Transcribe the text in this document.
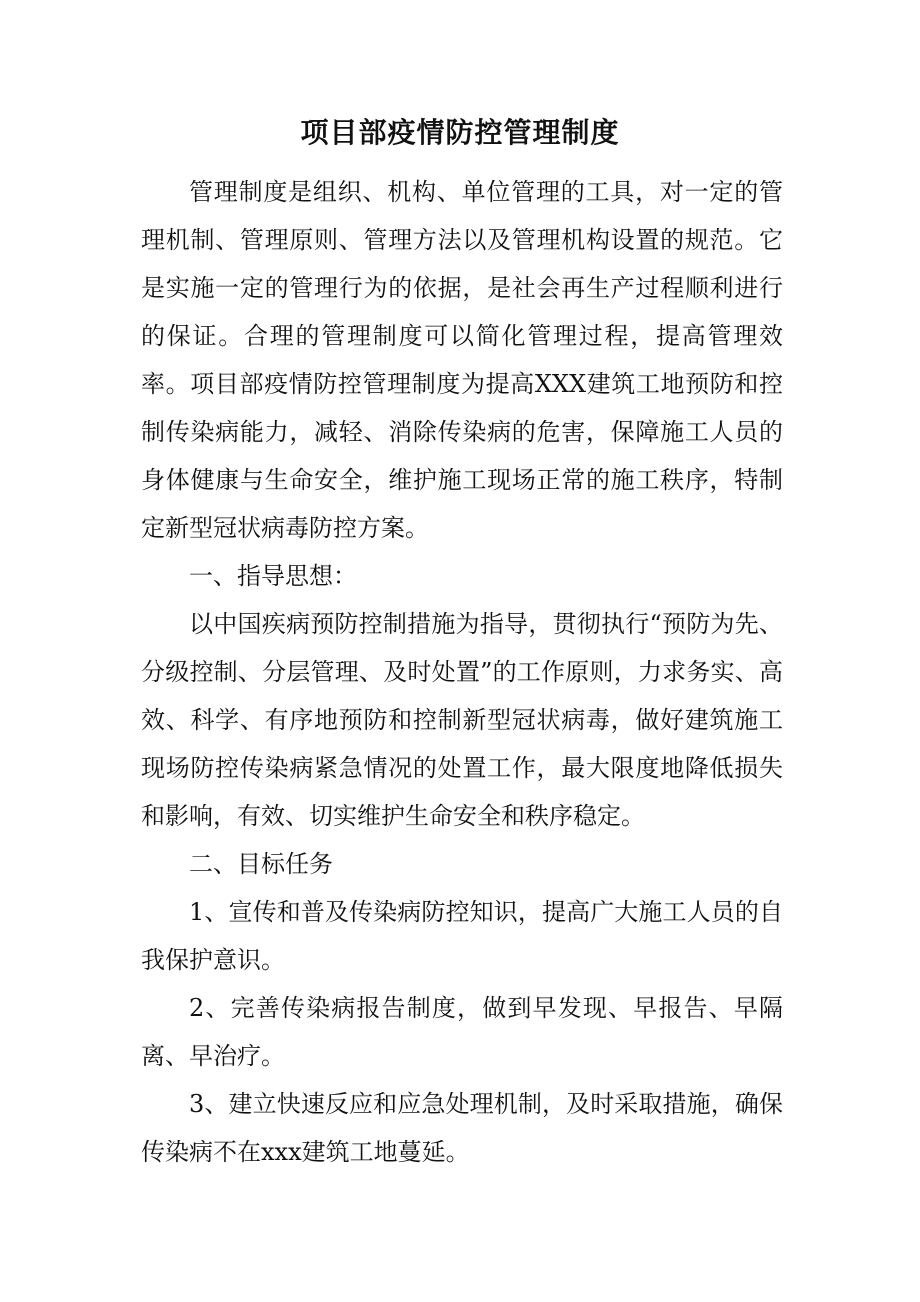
项目部疫情防控管理制度

管理制度是组织、机构、单位管理的工具，对一定的管理机制、管理原则、管理方法以及管理机构设置的规范。它是实施一定的管理行为的依据，是社会再生产过程顺利进行的保证。合理的管理制度可以简化管理过程，提高管理效率。项目部疫情防控管理制度为提高XXX建筑工地预防和控制传染病能力，减轻、消除传染病的危害，保障施工人员的身体健康与生命安全，维护施工现场正常的施工秩序，特制定新型冠状病毒防控方案。

一、指导思想：

以中国疾病预防控制措施为指导，贯彻执行“预防为先、分级控制、分层管理、及时处置”的工作原则，力求务实、高效、科学、有序地预防和控制新型冠状病毒，做好建筑施工现场防控传染病紧急情况的处置工作，最大限度地降低损失和影响，有效、切实维护生命安全和秩序稳定。

二、目标任务

1、宣传和普及传染病防控知识，提高广大施工人员的自我保护意识。

2、完善传染病报告制度，做到早发现、早报告、早隔离、早治疗。

3、建立快速反应和应急处理机制，及时采取措施，确保传染病不在xxx建筑工地蔓延。
